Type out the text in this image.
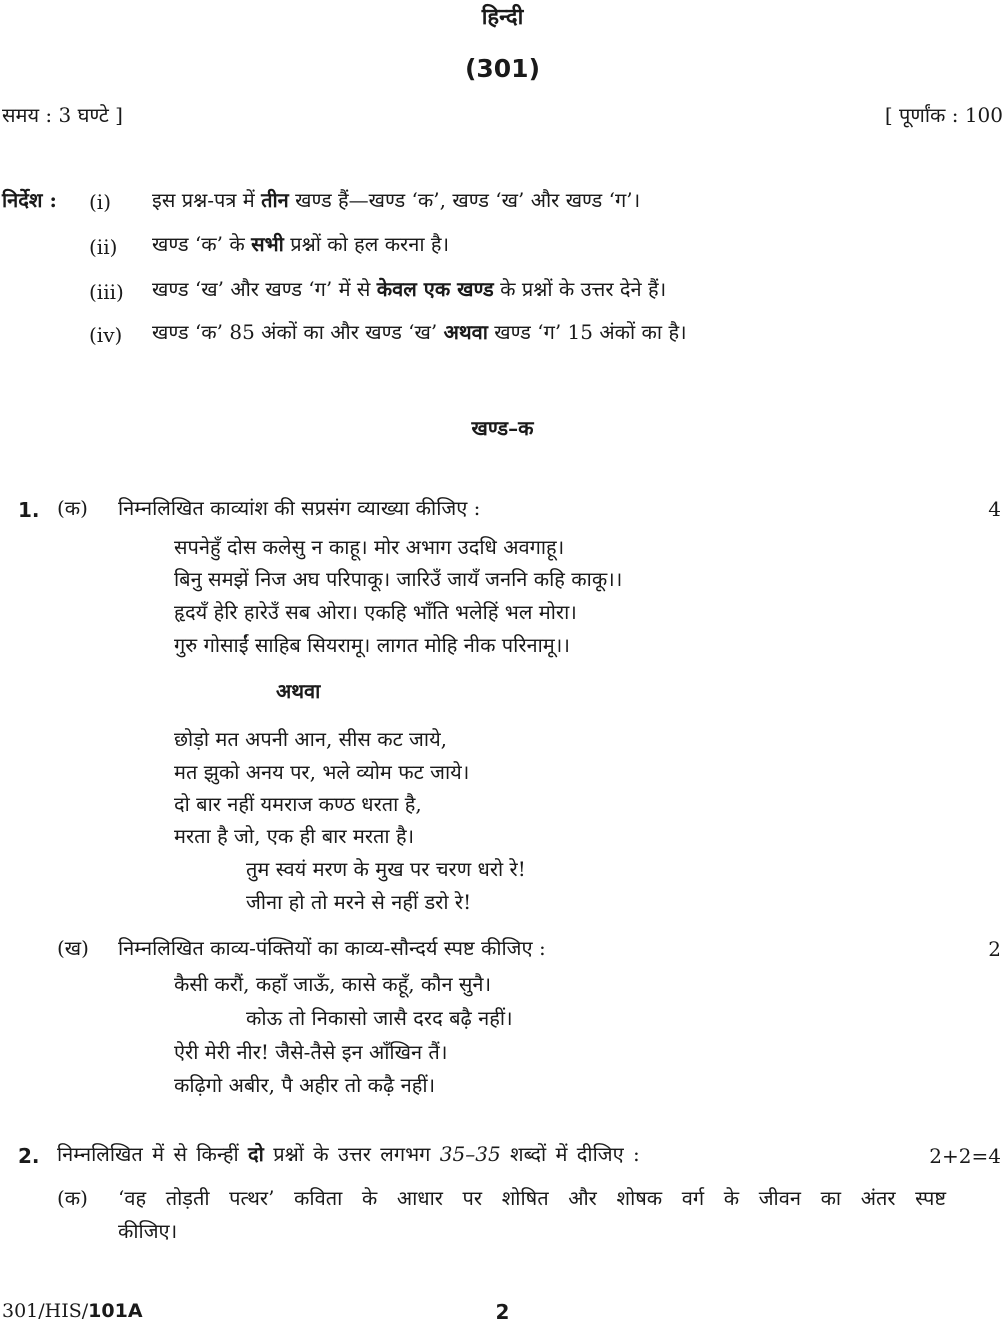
हिन्दी
(301)
समय : 3 घण्टे ]	[ पूर्णांक : 100
निर्देश : (i) इस प्रश्न-पत्र में तीन खण्ड हैं—खण्ड ‘क’, खण्ड ‘ख’ और खण्ड ‘ग’।
(ii) खण्ड ‘क’ के सभी प्रश्नों को हल करना है।
(iii) खण्ड ‘ख’ और खण्ड ‘ग’ में से केवल एक खण्ड के प्रश्नों के उत्तर देने हैं।
(iv) खण्ड ‘क’ 85 अंकों का और खण्ड ‘ख’ अथवा खण्ड ‘ग’ 15 अंकों का है।
खण्ड–क
1. (क) निम्नलिखित काव्यांश की सप्रसंग व्याख्या कीजिए :	4
सपनेहुँ दोस कलेसु न काहू। मोर अभाग उदधि अवगाहू।
बिनु समझें निज अघ परिपाकू। जारिउँ जायँ जननि कहि काकू।।
हृदयँ हेरि हारेउँ सब ओरा। एकहि भाँति भलेहिं भल मोरा।
गुरु गोसाईं साहिब सियरामू। लागत मोहि नीक परिनामू।।
अथवा
छोड़ो मत अपनी आन, सीस कट जाये,
मत झुको अनय पर, भले व्योम फट जाये।
दो बार नहीं यमराज कण्ठ धरता है,
मरता है जो, एक ही बार मरता है।
तुम स्वयं मरण के मुख पर चरण धरो रे!
जीना हो तो मरने से नहीं डरो रे!
(ख) निम्नलिखित काव्य-पंक्तियों का काव्य-सौन्दर्य स्पष्ट कीजिए :	2
कैसी करौं, कहाँ जाऊँ, कासे कहूँ, कौन सुनै।
कोऊ तो निकासो जासै दरद बढ़ै नहीं।
ऐरी मेरी नीर! जैसे-तैसे इन आँखिन तैं।
कढ़िगो अबीर, पै अहीर तो कढ़ै नहीं।
2. निम्नलिखित में से किन्हीं दो प्रश्नों के उत्तर लगभग 35–35 शब्दों में दीजिए :	2+2=4
(क) ‘वह तोड़ती पत्थर’ कविता के आधार पर शोषित और शोषक वर्ग के जीवन का अंतर स्पष्ट
कीजिए।
301/HIS/101A	2
